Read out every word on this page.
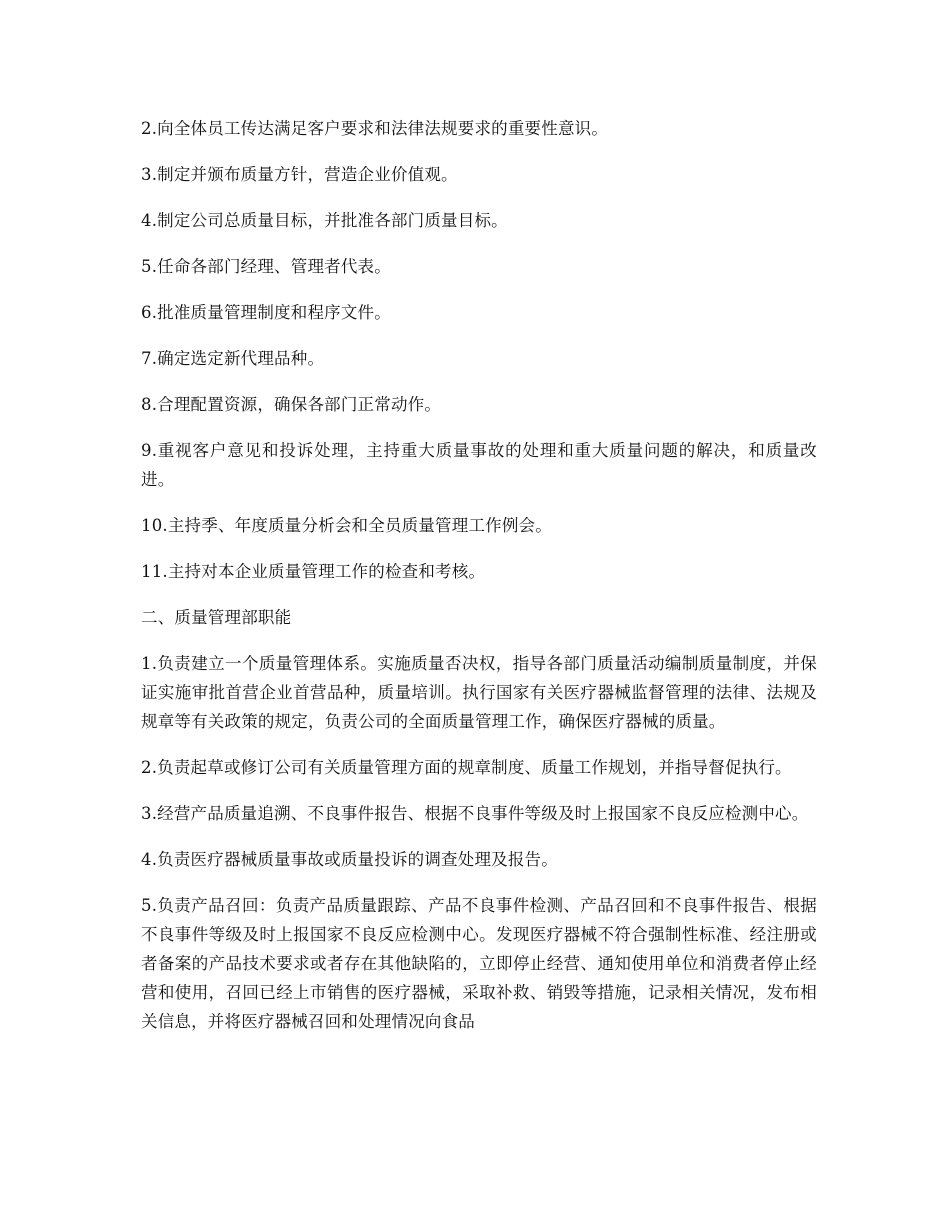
2.向全体员工传达满足客户要求和法律法规要求的重要性意识。

3.制定并颁布质量方针，营造企业价值观。

4.制定公司总质量目标，并批准各部门质量目标。

5.任命各部门经理、管理者代表。

6.批准质量管理制度和程序文件。

7.确定选定新代理品种。

8.合理配置资源，确保各部门正常动作。

9.重视客户意见和投诉处理，主持重大质量事故的处理和重大质量问题的解决，和质量改进。

10.主持季、年度质量分析会和全员质量管理工作例会。

11.主持对本企业质量管理工作的检查和考核。

二、质量管理部职能

1.负责建立一个质量管理体系。实施质量否决权，指导各部门质量活动编制质量制度，并保证实施审批首营企业首营品种，质量培训。执行国家有关医疗器械监督管理的法律、法规及规章等有关政策的规定，负责公司的全面质量管理工作，确保医疗器械的质量。

2.负责起草或修订公司有关质量管理方面的规章制度、质量工作规划，并指导督促执行。

3.经营产品质量追溯、不良事件报告、根据不良事件等级及时上报国家不良反应检测中心。

4.负责医疗器械质量事故或质量投诉的调查处理及报告。

5.负责产品召回：负责产品质量跟踪、产品不良事件检测、产品召回和不良事件报告、根据不良事件等级及时上报国家不良反应检测中心。发现医疗器械不符合强制性标准、经注册或者备案的产品技术要求或者存在其他缺陷的，立即停止经营、通知使用单位和消费者停止经营和使用，召回已经上市销售的医疗器械，采取补救、销毁等措施，记录相关情况，发布相关信息，并将医疗器械召回和处理情况向食品
